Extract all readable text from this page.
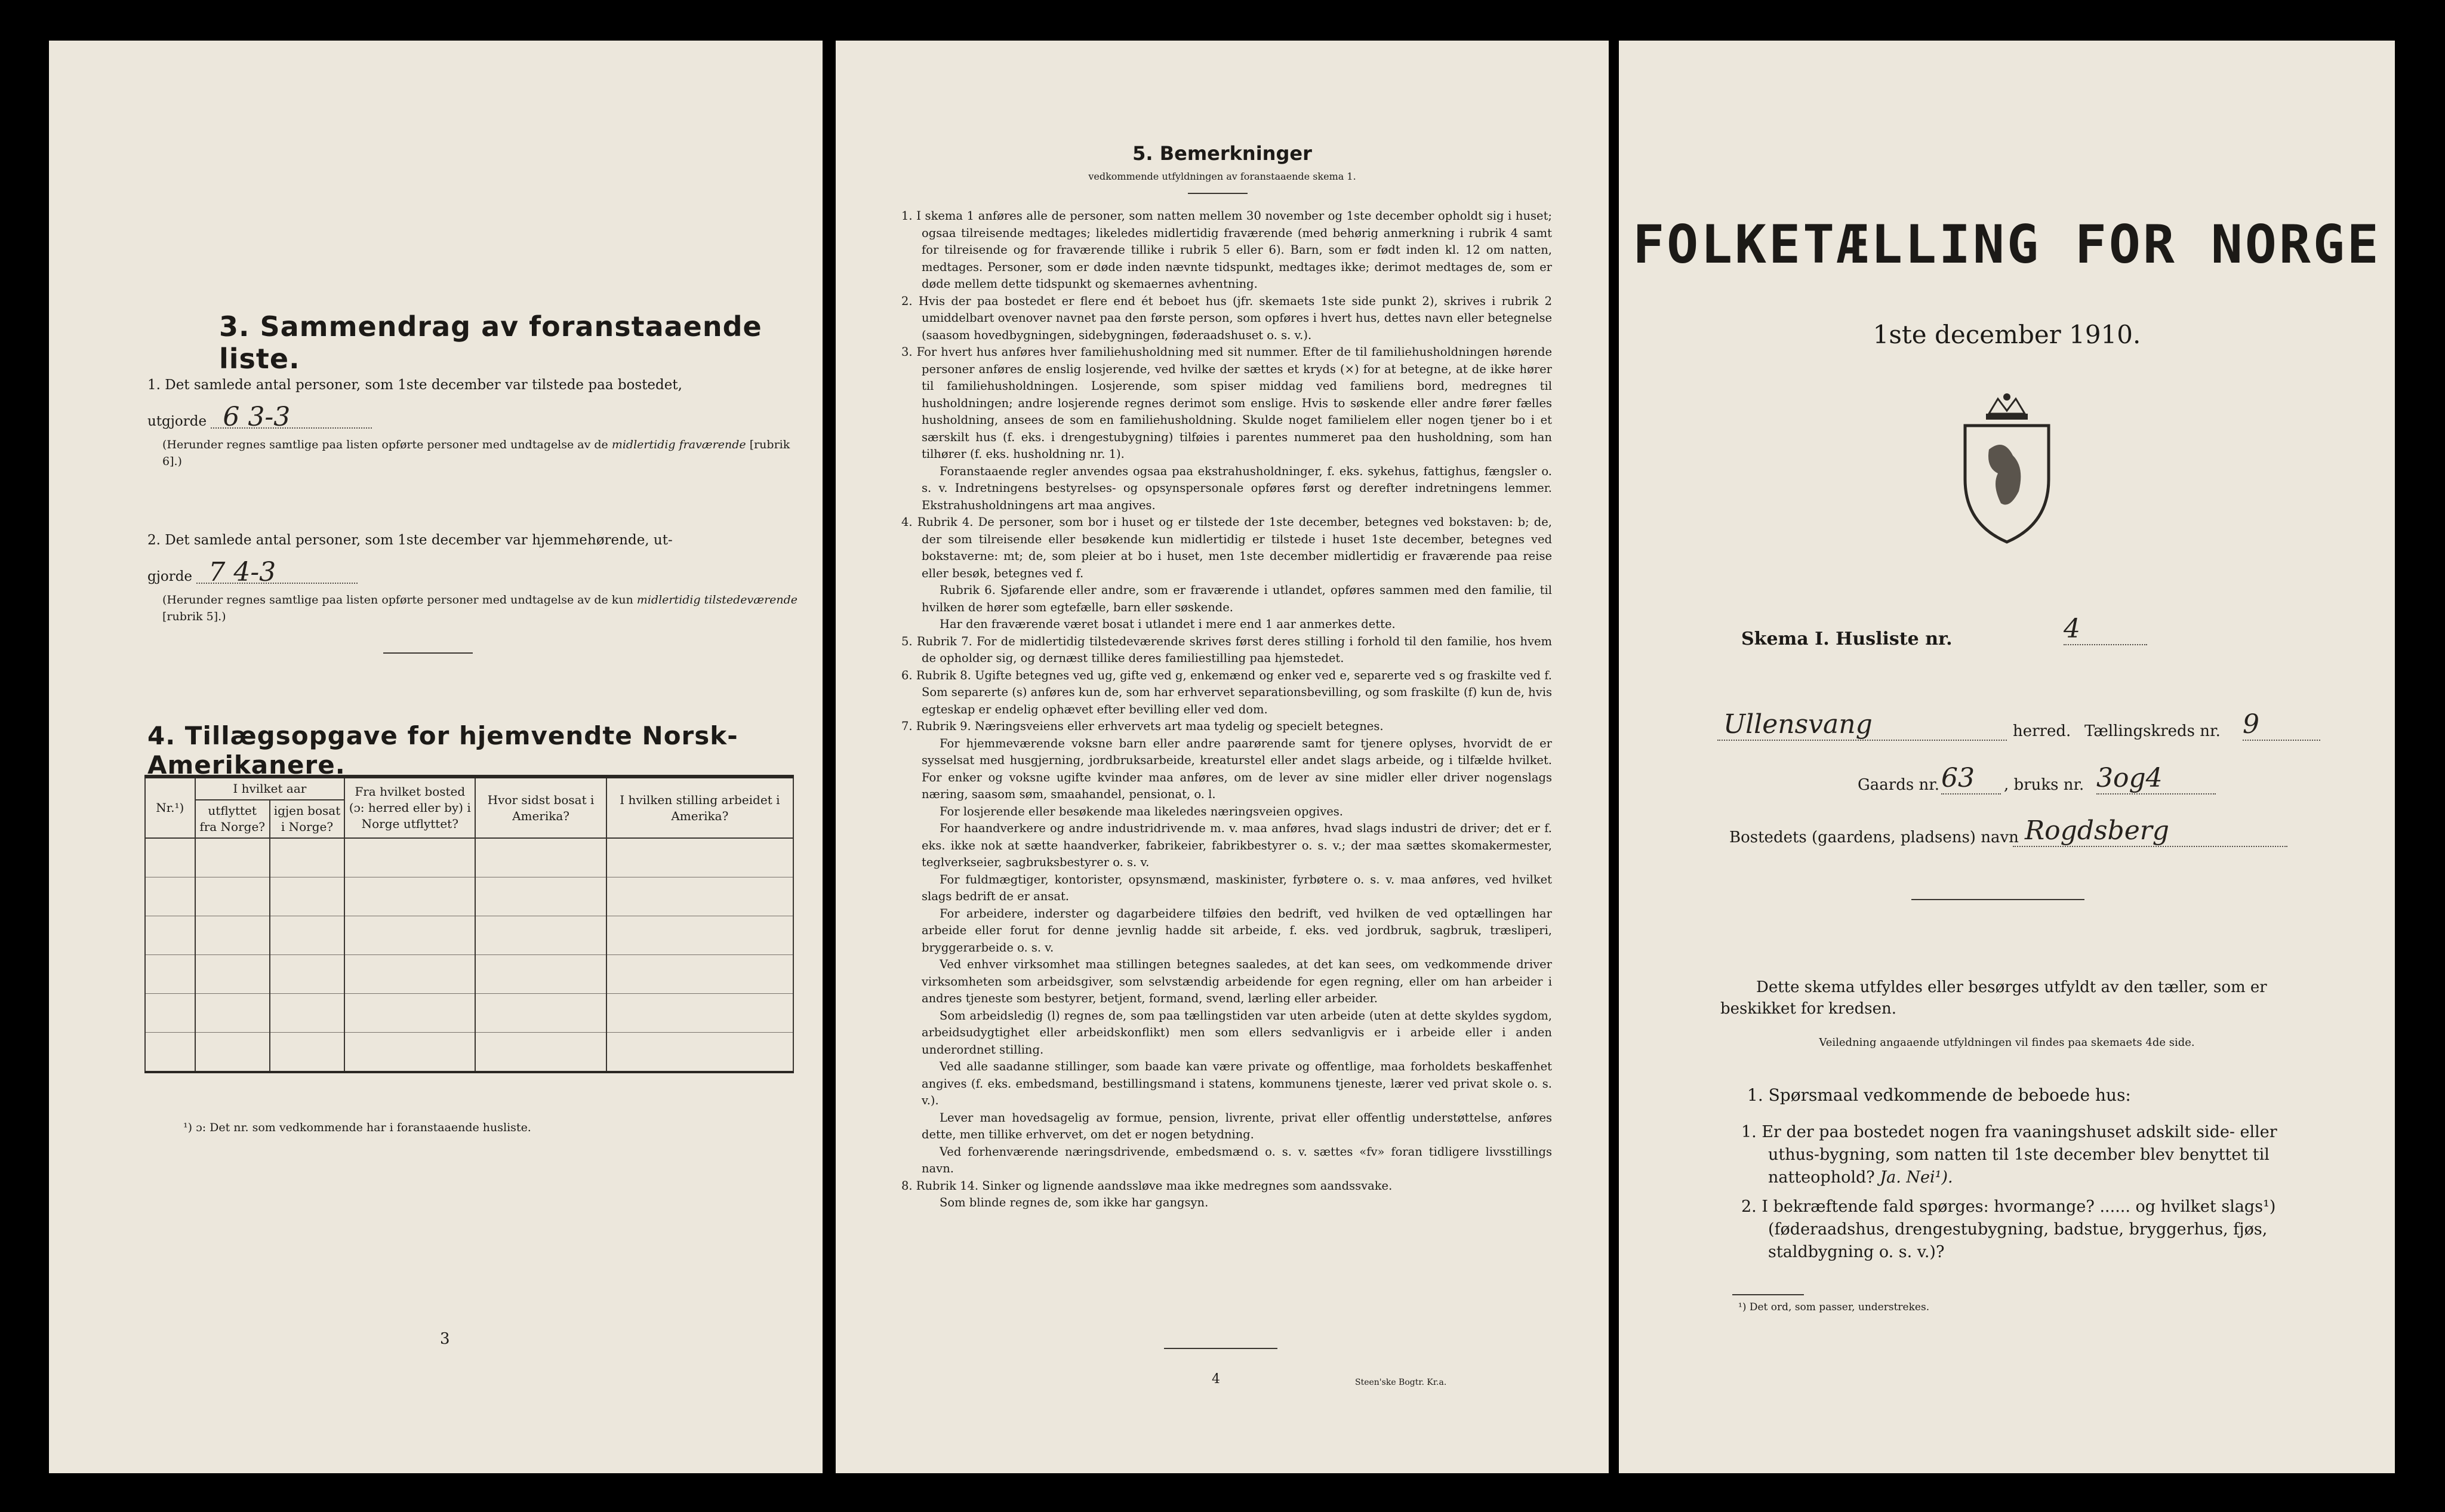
3. Sammendrag av foranstaaende liste.
1. Det samlede antal personer, som 1ste december var tilstede paa bostedet,
utgjorde 6 3-3
(Herunder regnes samtlige paa listen opførte personer med undtagelse av de midlertidig fraværende [rubrik 6].)
2. Det samlede antal personer, som 1ste december var hjemmehørende, ut-
gjorde 7 4-3
(Herunder regnes samtlige paa listen opførte personer med undtagelse av de kun midlertidig tilstedeværende [rubrik 5].)
4. Tillægsopgave for hjemvendte Norsk-Amerikanere.
Nr.¹)	I hvilket aar		Fra hvilket bosted (ɔ: herred eller by) i Norge utflyttet?	Hvor sidst bosat i Amerika?	I hvilken stilling arbeidet i Amerika?
	utflyttet fra Norge?	igjen bosat i Norge?			

¹) ɔ: Det nr. som vedkommende har i foranstaaende husliste.
3
5. Bemerkninger
vedkommende utfyldningen av foranstaaende skema 1.
1. I skema 1 anføres alle de personer, som natten mellem 30 november og 1ste december opholdt sig i huset; ogsaa tilreisende medtages; likeledes midlertidig fraværende (med behørig anmerkning i rubrik 4 samt for tilreisende og for fraværende tillike i rubrik 5 eller 6). Barn, som er født inden kl. 12 om natten, medtages. Personer, som er døde inden nævnte tidspunkt, medtages ikke; derimot medtages de, som er døde mellem dette tidspunkt og skemaernes avhentning.
2. Hvis der paa bostedet er flere end ét beboet hus (jfr. skemaets 1ste side punkt 2), skrives i rubrik 2 umiddelbart ovenover navnet paa den første person, som opføres i hvert hus, dettes navn eller betegnelse (saasom hovedbygningen, sidebygningen, føderaadshuset o. s. v.).
3. For hvert hus anføres hver familiehusholdning med sit nummer. Efter de til familiehusholdningen hørende personer anføres de enslig losjerende, ved hvilke der sættes et kryds (×) for at betegne, at de ikke hører til familiehusholdningen. Losjerende, som spiser middag ved familiens bord, medregnes til husholdningen; andre losjerende regnes derimot som enslige. Hvis to søskende eller andre fører fælles husholdning, ansees de som en familiehusholdning. Skulde noget familielem eller nogen tjener bo i et særskilt hus (f. eks. i drengestubygning) tilføies i parentes nummeret paa den husholdning, som han tilhører (f. eks. husholdning nr. 1).
Foranstaaende regler anvendes ogsaa paa ekstrahusholdninger, f. eks. sykehus, fattighus, fængsler o. s. v. Indretningens bestyrelses- og opsynspersonale opføres først og derefter indretningens lemmer. Ekstrahusholdningens art maa angives.
4. Rubrik 4. De personer, som bor i huset og er tilstede der 1ste december, betegnes ved bokstaven: b; de, der som tilreisende eller besøkende kun midlertidig er tilstede i huset 1ste december, betegnes ved bokstaverne: mt; de, som pleier at bo i huset, men 1ste december midlertidig er fraværende paa reise eller besøk, betegnes ved f.
Rubrik 6. Sjøfarende eller andre, som er fraværende i utlandet, opføres sammen med den familie, til hvilken de hører som egtefælle, barn eller søskende.
Har den fraværende været bosat i utlandet i mere end 1 aar anmerkes dette.
5. Rubrik 7. For de midlertidig tilstedeværende skrives først deres stilling i forhold til den familie, hos hvem de opholder sig, og dernæst tillike deres familiestilling paa hjemstedet.
6. Rubrik 8. Ugifte betegnes ved ug, gifte ved g, enkemænd og enker ved e, separerte ved s og fraskilte ved f. Som separerte (s) anføres kun de, som har erhvervet separationsbevilling, og som fraskilte (f) kun de, hvis egteskap er endelig ophævet efter bevilling eller ved dom.
7. Rubrik 9. Næringsveiens eller erhvervets art maa tydelig og specielt betegnes.
For hjemmeværende voksne barn eller andre paarørende samt for tjenere oplyses, hvorvidt de er sysselsat med husgjerning, jordbruksarbeide, kreaturstel eller andet slags arbeide, og i tilfælde hvilket. For enker og voksne ugifte kvinder maa anføres, om de lever av sine midler eller driver nogenslags næring, saasom søm, smaahandel, pensionat, o. l.
For losjerende eller besøkende maa likeledes næringsveien opgives.
For haandverkere og andre industridrivende m. v. maa anføres, hvad slags industri de driver; det er f. eks. ikke nok at sætte haandverker, fabrikeier, fabrikbestyrer o. s. v.; der maa sættes skomakermester, teglverkseier, sagbruksbestyrer o. s. v.
For fuldmægtiger, kontorister, opsynsmænd, maskinister, fyrbøtere o. s. v. maa anføres, ved hvilket slags bedrift de er ansat.
For arbeidere, inderster og dagarbeidere tilføies den bedrift, ved hvilken de ved optællingen har arbeide eller forut for denne jevnlig hadde sit arbeide, f. eks. ved jordbruk, sagbruk, træsliperi, bryggerarbeide o. s. v.
Ved enhver virksomhet maa stillingen betegnes saaledes, at det kan sees, om vedkommende driver virksomheten som arbeidsgiver, som selvstændig arbeidende for egen regning, eller om han arbeider i andres tjeneste som bestyrer, betjent, formand, svend, lærling eller arbeider.
Som arbeidsledig (l) regnes de, som paa tællingstiden var uten arbeide (uten at dette skyldes sygdom, arbeidsudygtighet eller arbeidskonflikt) men som ellers sedvanligvis er i arbeide eller i anden underordnet stilling.
Ved alle saadanne stillinger, som baade kan være private og offentlige, maa forholdets beskaffenhet angives (f. eks. embedsmand, bestillingsmand i statens, kommunens tjeneste, lærer ved privat skole o. s. v.).
Lever man hovedsagelig av formue, pension, livrente, privat eller offentlig understøttelse, anføres dette, men tillike erhvervet, om det er nogen betydning.
Ved forhenværende næringsdrivende, embedsmænd o. s. v. sættes «fv» foran tidligere livsstillings navn.
8. Rubrik 14. Sinker og lignende aandssløve maa ikke medregnes som aandssvake.
Som blinde regnes de, som ikke har gangsyn.
4	Steen'ske Bogtr. Kr.a.
FOLKETÆLLING FOR NORGE
1ste december 1910.
Skema I. Husliste nr.	4
Ullensvang	herred. Tællingskreds nr. 9
Gaards nr. 63	, bruks nr. 3og4
Bostedets (gaardens, pladsens) navn Rogdsberg
Dette skema utfyldes eller besørges utfyldt av den tæller, som er beskikket for kredsen.
Veiledning angaaende utfyldningen vil findes paa skemaets 4de side.
1. Spørsmaal vedkommende de beboede hus:
1. Er der paa bostedet nogen fra vaaningshuset adskilt side- eller uthus-bygning, som natten til 1ste december blev benyttet til natteophold? Ja. Nei¹).
2. I bekræftende fald spørges: hvormange? ...... og hvilket slags¹) (føderaadshus, drengestubygning, badstue, bryggerhus, fjøs, staldbygning o. s. v.)?
¹) Det ord, som passer, understrekes.
